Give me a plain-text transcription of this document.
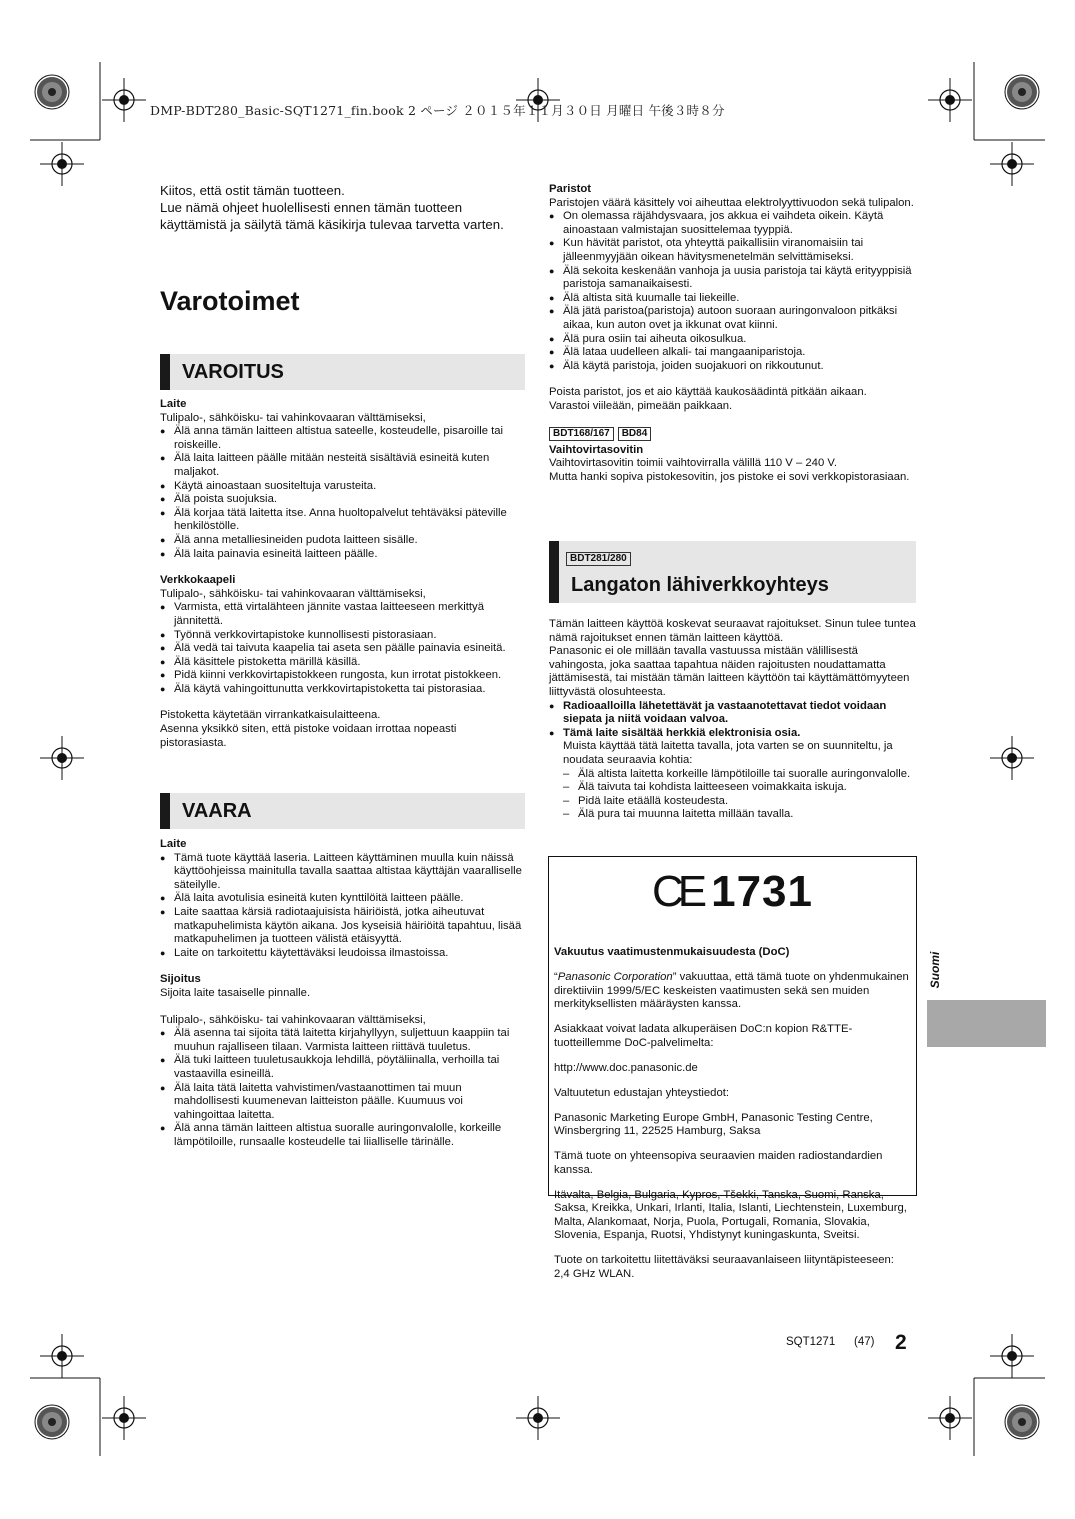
DMP-BDT280_Basic-SQT1271_fin.book 2 ページ ２０１５年１１月３０日 月曜日 午後３時８分

Kiitos, että ostit tämän tuotteen.

Lue nämä ohjeet huolellisesti ennen tämän tuotteen käyttämistä ja säilytä tämä käsikirja tulevaa tarvetta varten.

Varotoimet
VAROITUS

Laite

Tulipalo-, sähköisku- tai vahinkovaaran välttämiseksi,

● Älä anna tämän laitteen altistua sateelle, kosteudelle, pisaroille tai roiskeille.
● Älä laita laitteen päälle mitään nesteitä sisältäviä esineitä kuten maljakot.
● Käytä ainoastaan suositeltuja varusteita.
● Älä poista suojuksia.
● Älä korjaa tätä laitetta itse. Anna huoltopalvelut tehtäväksi päteville henkilöstölle.
● Älä anna metalliesineiden pudota laitteen sisälle.
● Älä laita painavia esineitä laitteen päälle.

Verkkokaapeli

Tulipalo-, sähköisku- tai vahinkovaaran välttämiseksi,

● Varmista, että virtalähteen jännite vastaa laitteeseen merkittyä jännitettä.
● Työnnä verkkovirtapistoke kunnollisesti pistorasiaan.
● Älä vedä tai taivuta kaapelia tai aseta sen päälle painavia esineitä.
● Älä käsittele pistoketta märillä käsillä.
● Pidä kiinni verkkovirtapistokkeen rungosta, kun irrotat pistokkeen.
● Älä käytä vahingoittunutta verkkovirtapistoketta tai pistorasiaa.

Pistoketta käytetään virrankatkaisulaitteena.

Asenna yksikkö siten, että pistoke voidaan irrottaa nopeasti pistorasiasta.

VAARA

Laite

● Tämä tuote käyttää laseria. Laitteen käyttäminen muulla kuin näissä käyttöohjeissa mainitulla tavalla saattaa altistaa käyttäjän vaaralliselle säteilylle.
● Älä laita avotulisia esineitä kuten kynttilöitä laitteen päälle.
● Laite saattaa kärsiä radiotaajuisista häiriöistä, jotka aiheutuvat matkapuhelimista käytön aikana. Jos kyseisiä häiriöitä tapahtuu, lisää matkapuhelimen ja tuotteen välistä etäisyyttä.
● Laite on tarkoitettu käytettäväksi leudoissa ilmastoissa.

Sijoitus

Sijoita laite tasaiselle pinnalle.

Tulipalo-, sähköisku- tai vahinkovaaran välttämiseksi,

● Älä asenna tai sijoita tätä laitetta kirjahyllyyn, suljettuun kaappiin tai muuhun rajalliseen tilaan. Varmista laitteen riittävä tuuletus.
● Älä tuki laitteen tuuletusaukkoja lehdillä, pöytäliinalla, verhoilla tai vastaavilla esineillä.
● Älä laita tätä laitetta vahvistimen/vastaanottimen tai muun mahdollisesti kuumenevan laitteiston päälle. Kuumuus voi vahingoittaa laitetta.
● Älä anna tämän laitteen altistua suoralle auringonvalolle, korkeille lämpötiloille, runsaalle kosteudelle tai liialliselle tärinälle.

Paristot

Paristojen väärä käsittely voi aiheuttaa elektrolyyttivuodon sekä tulipalon.

● On olemassa räjähdysvaara, jos akkua ei vaihdeta oikein. Käytä ainoastaan valmistajan suosittelemaa tyyppiä.
● Kun hävität paristot, ota yhteyttä paikallisiin viranomaisiin tai jälleenmyyjään oikean hävitysmenetelmän selvittämiseksi.
● Älä sekoita keskenään vanhoja ja uusia paristoja tai käytä erityyppisiä paristoja samanaikaisesti.
● Älä altista sitä kuumalle tai liekeille.
● Älä jätä paristoa(paristoja) autoon suoraan auringonvaloon pitkäksi aikaa, kun auton ovet ja ikkunat ovat kiinni.
● Älä pura osiin tai aiheuta oikosulkua.
● Älä lataa uudelleen alkali- tai mangaaniparistoja.
● Älä käytä paristoja, joiden suojakuori on rikkoutunut.

Poista paristot, jos et aio käyttää kaukosäädintä pitkään aikaan.

Varastoi viileään, pimeään paikkaan.

BDT168/167 BD84

Vaihtovirtasovitin

Vaihtovirtasovitin toimii vaihtovirralla välillä 110 V – 240 V.

Mutta hanki sopiva pistokesovitin, jos pistoke ei sovi verkkopistorasiaan.

BDT281/280
Langaton lähiverkkoyhteys

Tämän laitteen käyttöä koskevat seuraavat rajoitukset. Sinun tulee tuntea nämä rajoitukset ennen tämän laitteen käyttöä.

Panasonic ei ole millään tavalla vastuussa mistään välillisestä vahingosta, joka saattaa tapahtua näiden rajoitusten noudattamatta jättämisestä, tai mistään tämän laitteen käyttöön tai käyttämättömyyteen liittyvästä olosuhteesta.

● Radioaalloilla lähetettävät ja vastaanotettavat tiedot voidaan siepata ja niitä voidaan valvoa.
● Tämä laite sisältää herkkiä elektronisia osia.
Muista käyttää tätä laitetta tavalla, jota varten se on suunniteltu, ja noudata seuraavia kohtia:
– Älä altista laitetta korkeille lämpötiloille tai suoralle auringonvalolle.
– Älä taivuta tai kohdista laitteeseen voimakkaita iskuja.
– Pidä laite etäällä kosteudesta.
– Älä pura tai muunna laitetta millään tavalla.
CE 1731

Vakuutus vaatimustenmukaisuudesta (DoC)

“Panasonic Corporation” vakuuttaa, että tämä tuote on yhdenmukainen direktiiviin 1999/5/EC keskeisten vaatimusten sekä sen muiden merkityksellisten määräysten kanssa.

Asiakkaat voivat ladata alkuperäisen DoC:n kopion R&TTE-tuotteillemme DoC-palvelimelta:

http://www.doc.panasonic.de

Valtuutetun edustajan yhteystiedot:

Panasonic Marketing Europe GmbH, Panasonic Testing Centre, Winsbergring 11, 22525 Hamburg, Saksa

Tämä tuote on yhteensopiva seuraavien maiden radiostandardien kanssa.

Itävalta, Belgia, Bulgaria, Kypros, Tšekki, Tanska, Suomi, Ranska, Saksa, Kreikka, Unkari, Irlanti, Italia, Islanti, Liechtenstein, Luxemburg, Malta, Alankomaat, Norja, Puola, Portugali, Romania, Slovakia, Slovenia, Espanja, Ruotsi, Yhdistynyt kuningaskunta, Sveitsi.

Tuote on tarkoitettu liitettäväksi seuraavanlaiseen liityntäpisteeseen: 2,4 GHz WLAN.

Suomi
SQT1271 (47) 2
